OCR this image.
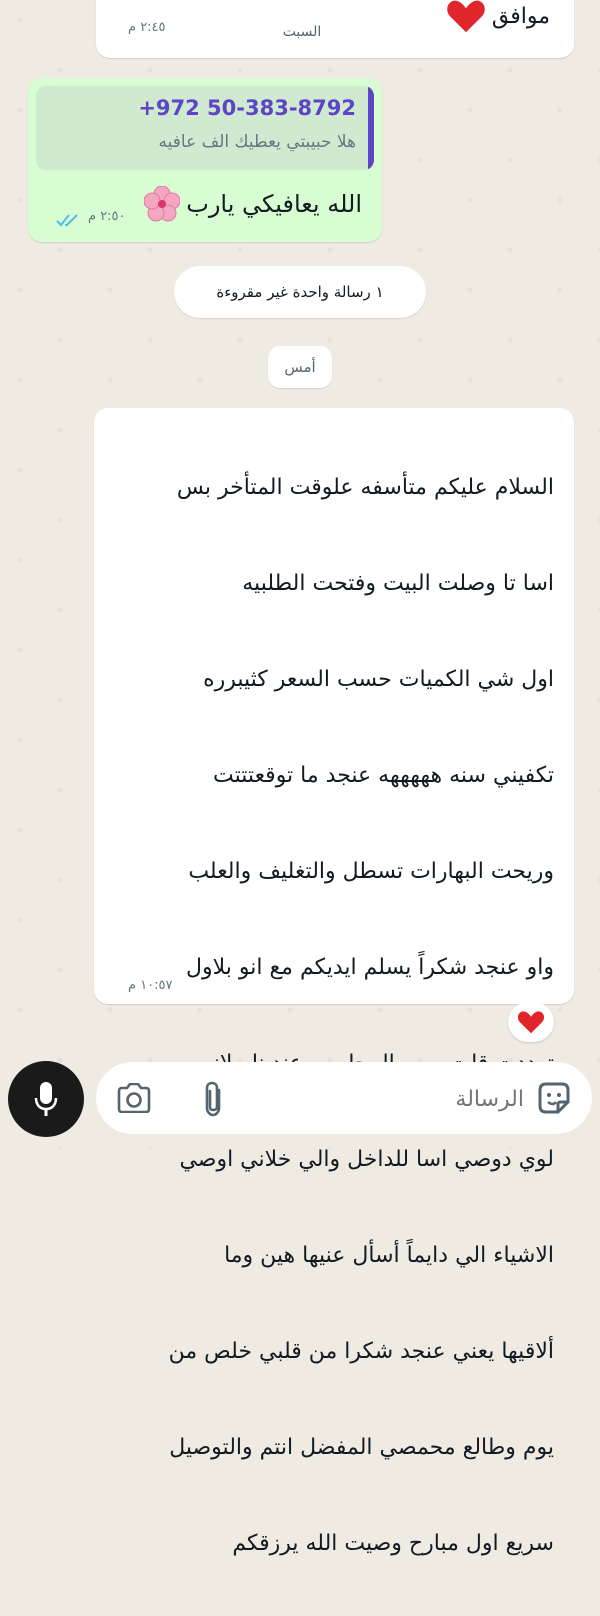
٢:٤٥ م	موافق
السبت
+972 50-383-8792
هلا حبيبتي يعطيك الف عافيه
الله يعافيكي يارب
٢:٥٠ م
١ رسالة واحدة غير مقروءة
أمس

السلام عليكم متأسفه علوقت المتأخر بس

اسا تا وصلت البيت وفتحت الطلبيه

اول شي الكميات حسب السعر كثيبرره

تكفيني سنه هههههه عنجد ما توقعتتتت

وريحت البهارات تسطل والتغليف والعلب

واو عنجد شكراً يسلم ايديكم مع انو بلاول

لوي دوصي اسا للداخل والي خلاني اوصي

الاشياء الي دايماً أسأل عنيها هين وما

ألاقيها يعني عنجد شكرا من قلبي خلص من

يوم وطالع محمصي المفضل انتم والتوصيل

سريع اول مبارح وصيت الله يرزقكم

١٠:٥٧ م
الرسالة
